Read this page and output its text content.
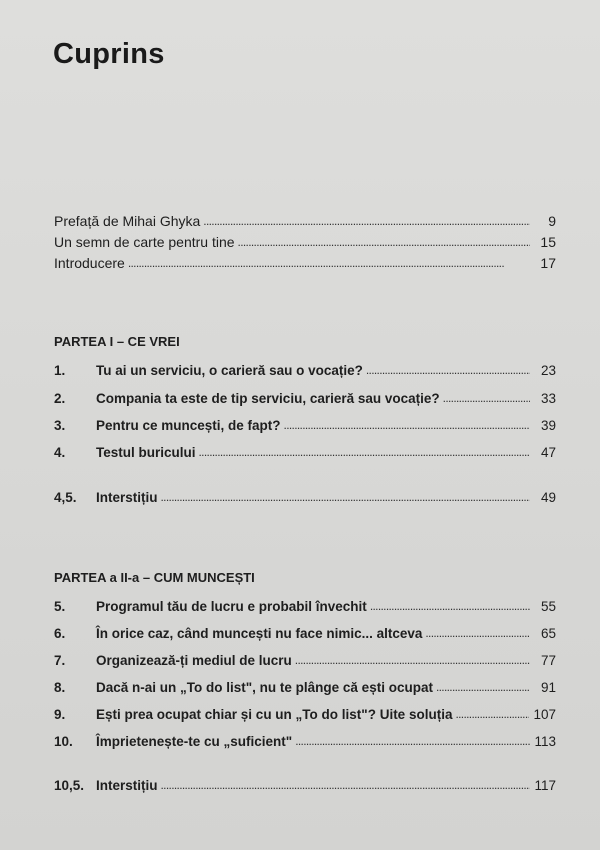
Cuprins
Prefață de Mihai Ghyka . . .	9
Un semn de carte pentru tine . . .	15
Introducere . . .	17
PARTEA I – CE VREI
1.	Tu ai un serviciu, o carieră sau o vocație? . . .	23
2.	Compania ta este de tip serviciu, carieră sau vocație? . . .	33
3.	Pentru ce muncești, de fapt? . . .	39
4.	Testul buricului . . .	47
4,5.	Interstițiu . . .	49
PARTEA a II-a – CUM MUNCEȘTI
5.	Programul tău de lucru e probabil învechit . . .	55
6.	În orice caz, când muncești nu face nimic... altceva . . .	65
7.	Organizează-ți mediul de lucru . . .	77
8.	Dacă n-ai un „To do list", nu te plânge că ești ocupat . . .	91
9.	Ești prea ocupat chiar și cu un „To do list"? Uite soluția . . .	107
10.	Împrietenește-te cu „suficient" . . .	113
10,5. Interstițiu . . .	117
